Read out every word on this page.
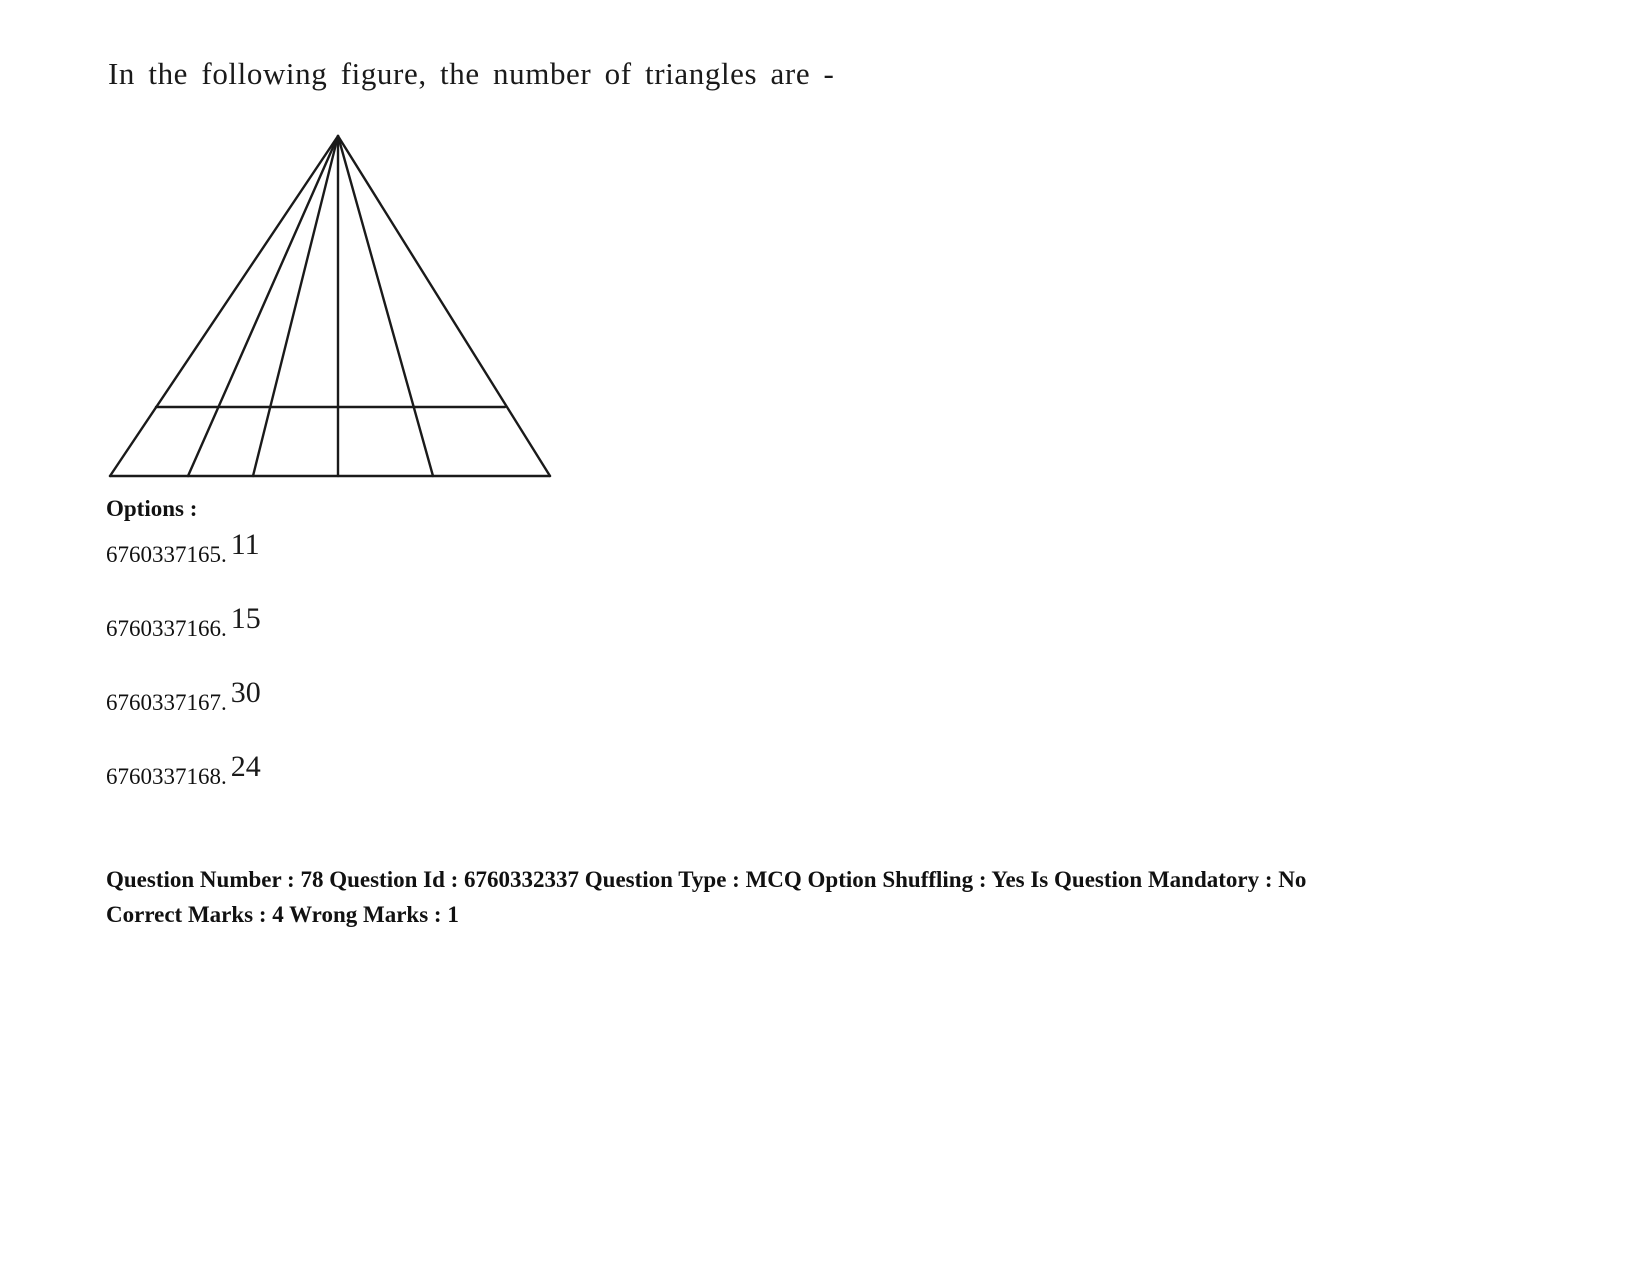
In the following figure, the number of triangles are -
Options :
6760337165. 11
6760337166. 15
6760337167. 30
6760337168. 24
Question Number : 78 Question Id : 6760332337 Question Type : MCQ Option Shuffling : Yes Is Question Mandatory : No
Correct Marks : 4 Wrong Marks : 1
